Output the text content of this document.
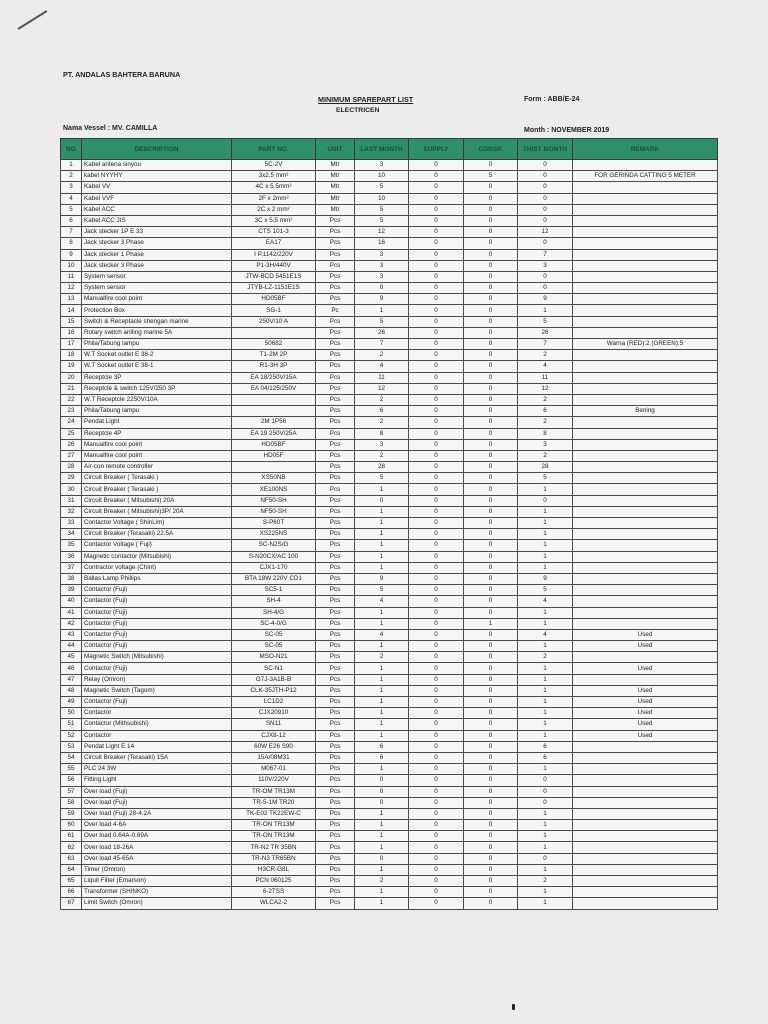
PT. ANDALAS BAHTERA BARUNA
MINIMUM SPAREPART LIST
ELECTRICEN
Form : ABB/E-24
Nama Vessel : MV. CAMILLA	Month : NOVEMBER 2019
NO	DESCRIPTION	PART NO.	UNIT	LAST MONTH	SUPPLY	CONSP.	THIST MONTH	REMARK
1	Kabel antena sinyou	5C-2V	Mtr	3	0	0	0	
2	kabel NYYHY	3x2.5 mm²	Mtr	10	0	5	0	FOR GERINDA CATTING 5 METER
3	Kabel VV	4C x 5.5mm²	Mtr	5	0	0	0	
4	Kabel VVF	2F x 2mm²	Mtr	10	0	0	0	
5	Kabel ACC	2C x 2 mm²	Mtr	5	0	0	0	
6	Kabel ACC JIS	3C x 5.5 mm²	Pcs	5	0	0	0	
7	Jack stecker 1P E 33	CTS 101-3	Pcs	12	0	0	12	
8	Jack stecker 3 Phase	EA17	Pcs	16	0	0	0	
9	Jack stecker 1 Phase	I P.1142/220V	Pcs	3	0	0	7	
10	Jack stecker 3 Phase	P1-3H/440V	Pcs	3	0	0	3	
11	System sensor	JTW-BCD 5451E1S	Pcs	3	0	0	0	
12	System sensor	JTYB-LZ-1151E1S	Pcs	0	0	0	0	
13	Manualfire cool point	HD05BF	Pcs	9	0	0	9	
14	Protection Box	SG-1	Pc	1	0	0	1	
15	Switch & Receptacle shengan marine	250V/10 A	Pcs	5	0	0	5	
16	Rotary switch anlling marine 5A		Pcs	26	0	0	26	
17	Phila/Tabung lampu	50682	Pcs	7	0	0	7	Warna (RED):2 (GREEN):5
18	W.T Socket outlet E 38-2	T1-2M 2P	Pcs	2	0	0	2	
19	W.T Socket outlet E 38-1	R1-3H 3P	Pcs	4	0	0	4	
20	Receptcle 3P	EA 18/250V/15A	Pcs	11	0	0	11	
21	Receptcle & switch 125V/250 3P	EA 04/125/250V	Pcs	12	0	0	12	
22	W.T Receptcle 2250V/10A		Pcs	2	0	0	2	
23	Phila/Tabung lampu		Pcs	6	0	0	6	Bening
24	Pendat Light	2M 1P56	Pcs	2	0	0	2	
25	Receptcle 4P	EA 19 250V/25A	Pcs	8	0	0	8	
26	Manualfire cool point	HD05BF	Pcs	3	0	0	3	
27	Manualfire cool point	HD05F	Pcs	2	0	0	2	
28	Air-con remote controller		Pcs	28	0	0	28	
29	Circuit Breaker ( Terasaki )	XS50NB	Pcs	5	0	0	5	
30	Circuit Breaker ( Terasaki )	XE100NS	Pcs	1	0	0	1	
31	Circuit Breaker ( Mitsubishi) 20A	NF50-SH	Pcs	0	0	0	0	
32	Circuit Breaker ( Mitsubishi)3P/ 20A	NF50-SH	Pcs	1	0	0	1	
33	Contactor Voltage ( ShinLim)	S-P60T	Pcs	1	0	0	1	
34	Circuit Breaker (Terasaki) 22.5A	XS225NS	Pcs	1	0	0	1	
35	Contactor Voltage ( Fuji)	SC-N2S/G	Pcs	1	0	0	1	
36	Magnetic contactor (Mitsubishi)	S-N20CX/AC 100	Pcs	1	0	0	1	
37	Contractor voltage (Chint)	CJX1-170	Pcs	1	0	0	1	
38	Ballas Lamp Phillips	BTA 18W 220V CD1	Pcs	9	0	0	9	
39	Contactor (Fuji)	SC5-1	Pcs	5	0	0	5	
40	Contactor (Fuji)	SH-4	Pcs	4	0	0	4	
41	Contactor (Fuji)	SH-4/G	Pcs	1	0	0	1	
42	Contactor (Fuji)	SC-4-0/G	Pcs	1	0	1	1	
43	Contactor (Fuji)	SC-05	Pcs	4	0	0	4	Used
44	Contactor (Fuji)	SC-05	Pcs	1	0	0	1	Used
45	Magnetic Switch (Mitsubishi)	MSO-N21	Pcs	2	0	0	2	
46	Contactor (Fuji)	SC-N1	Pcs	1	0	0	1	Used
47	Relay (Omron)	G7J-3A1B-B	Pcs	1	0	0	1	
48	Magnetic Switch (Tagom)	CLK-35JTH-P12	Pcs	1	0	0	1	Used
49	Contactor (Fuji)	LC1D2	Pcs	1	0	0	1	Used
50	Contactor	CJX20910	Pcs	1	0	0	1	Used
51	Contactor (Mithsubishi)	SN11	Pcs	1	0	0	1	Used
52	Contactor	CJX8-12	Pcs	1	0	0	1	Used
53	Pendat Light E 14	60W E26 S90	Pcs	6	0	0	6	
54	Circuit Breaker (Terasaki) 15A	15A/08M31	Pcs	6	0	0	6	
55	PLC 24 3W	M067-01	Pcs	1	0	0	1	
56	Fitting Light	110V/220V	Pcs	0	0	0	0	
57	Over load (Fuji)	TR-OM TR13M	Pcs	0	0	0	0	
58	Over load (Fuji)	TR-5-1M TR20	Pcs	0	0	0	0	
59	Over load (Fuji) 28-4.2A	TK-E02 TK22EW-C	Pcs	1	0	0	1	
60	Over load 4-6A	TR-ON TR13M	Pcs	1	0	0	1	
61	Over load 0.64A-0.69A	TR-ON TR13M	Pcs	1	0	0	1	
62	Over load 18-26A	TR-N2 TR 35BN	Pcs	1	0	0	1	
63	Over load 45-65A	TR-N3 TR65BN	Pcs	0	0	0	0	
64	Timer (Omron)	H3CR-G8L	Pcs	1	0	0	1	
65	Liquit Filter (Emarson)	PCN 060125	Pcs	2	0	0	2	
66	Transformer (SHINKO)	6-2TSS	Pcs	1	0	0	1	
67	Limit Switch (Omron)	WLCA2-2	Pcs	1	0	0	1	
